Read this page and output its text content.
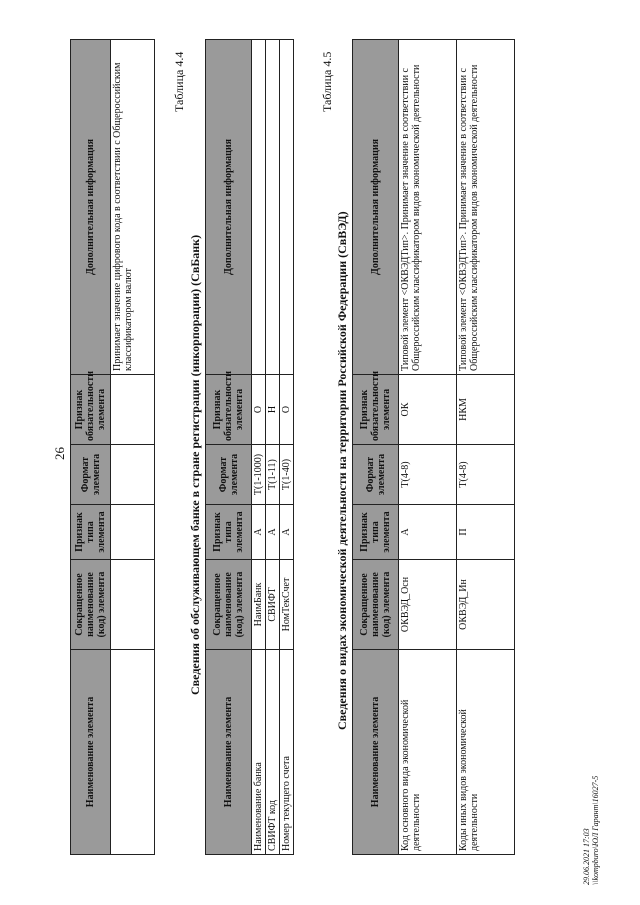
26
Наименование элемента	Сокращенное наименование (код) элемента	Признак типа элемента	Формат элемента	Признак обязательности элемента	Дополнительная информация
					Принимает значение цифрового кода в соответствии с Общероссийским классификатором валют
Таблица 4.4
Сведения об обслуживающем банке в стране регистрации (инкорпорации) (СвБанк)
Наименование элемента	Сокращенное наименование (код) элемента	Признак типа элемента	Формат элемента	Признак обязательности элемента	Дополнительная информация
Наименование банка	НаимБанк	А	T(1-1000)	О	
СВИФТ код	СВИФТ	А	T(1-11)	Н	
Номер текущего счета	НомТекСчет	А	T(1-40)	О	
Таблица 4.5
Сведения о видах экономической деятельности на территории Российской Федерации (СвВЭД)
Наименование элемента	Сокращенное наименование (код) элемента	Признак типа элемента	Формат элемента	Признак обязательности элемента	Дополнительная информация
Код основного вида экономической деятельности	ОКВЭД_Осн	А	T(4-8)	ОК	Типовой элемент <ОКВЭДТип>. Принимает значение в соответствии с Общероссийским классификатором видов экономической деятельности
Коды иных видов экономической деятельности	ОКВЭД_Ин	П	T(4-8)	НКМ	Типовой элемент <ОКВЭДТип>. Принимает значение в соответствии с Общероссийским классификатором видов экономической деятельности
29.06.2021 17:03 \\kompburo\ЮЛ Гарант\16027-5
